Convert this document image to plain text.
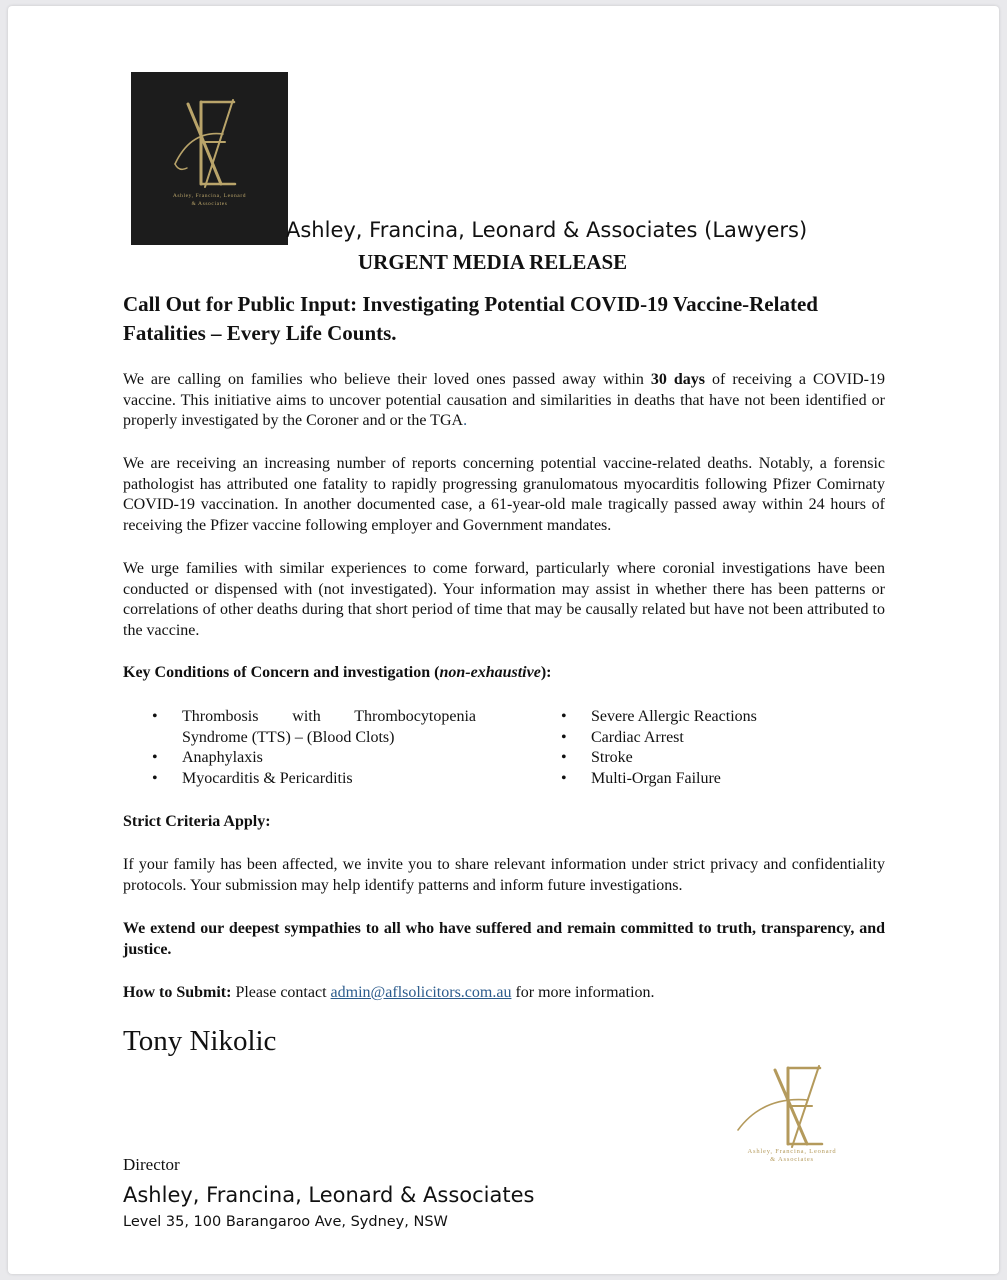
Ashley, Francina, Leonard
& Associates
Ashley, Francina, Leonard & Associates (Lawyers)
URGENT MEDIA RELEASE
Call Out for Public Input: Investigating Potential COVID-19 Vaccine-Related Fatalities – Every Life Counts.
We are calling on families who believe their loved ones passed away within 30 days of receiving a COVID-19 vaccine. This initiative aims to uncover potential causation and similarities in deaths that have not been identified or properly investigated by the Coroner and or the TGA.
We are receiving an increasing number of reports concerning potential vaccine-related deaths. Notably, a forensic pathologist has attributed one fatality to rapidly progressing granulomatous myocarditis following Pfizer Comirnaty COVID-19 vaccination. In another documented case, a 61-year-old male tragically passed away within 24 hours of receiving the Pfizer vaccine following employer and Government mandates.
We urge families with similar experiences to come forward, particularly where coronial investigations have been conducted or dispensed with (not investigated). Your information may assist in whether there has been patterns or correlations of other deaths during that short period of time that may be causally related but have not been attributed to the vaccine.
Key Conditions of Concern and investigation (non-exhaustive):
• Thrombosis with Thrombocytopenia Syndrome (TTS) – (Blood Clots)
• Anaphylaxis
• Myocarditis & Pericarditis
• Severe Allergic Reactions
• Cardiac Arrest
• Stroke
• Multi-Organ Failure
Strict Criteria Apply:
If your family has been affected, we invite you to share relevant information under strict privacy and confidentiality protocols. Your submission may help identify patterns and inform future investigations.
We extend our deepest sympathies to all who have suffered and remain committed to truth, transparency, and justice.
How to Submit: Please contact admin@aflsolicitors.com.au for more information.
Tony Nikolic
Ashley, Francina, Leonard
& Associates
Director
Ashley, Francina, Leonard & Associates
Level 35, 100 Barangaroo Ave, Sydney, NSW
